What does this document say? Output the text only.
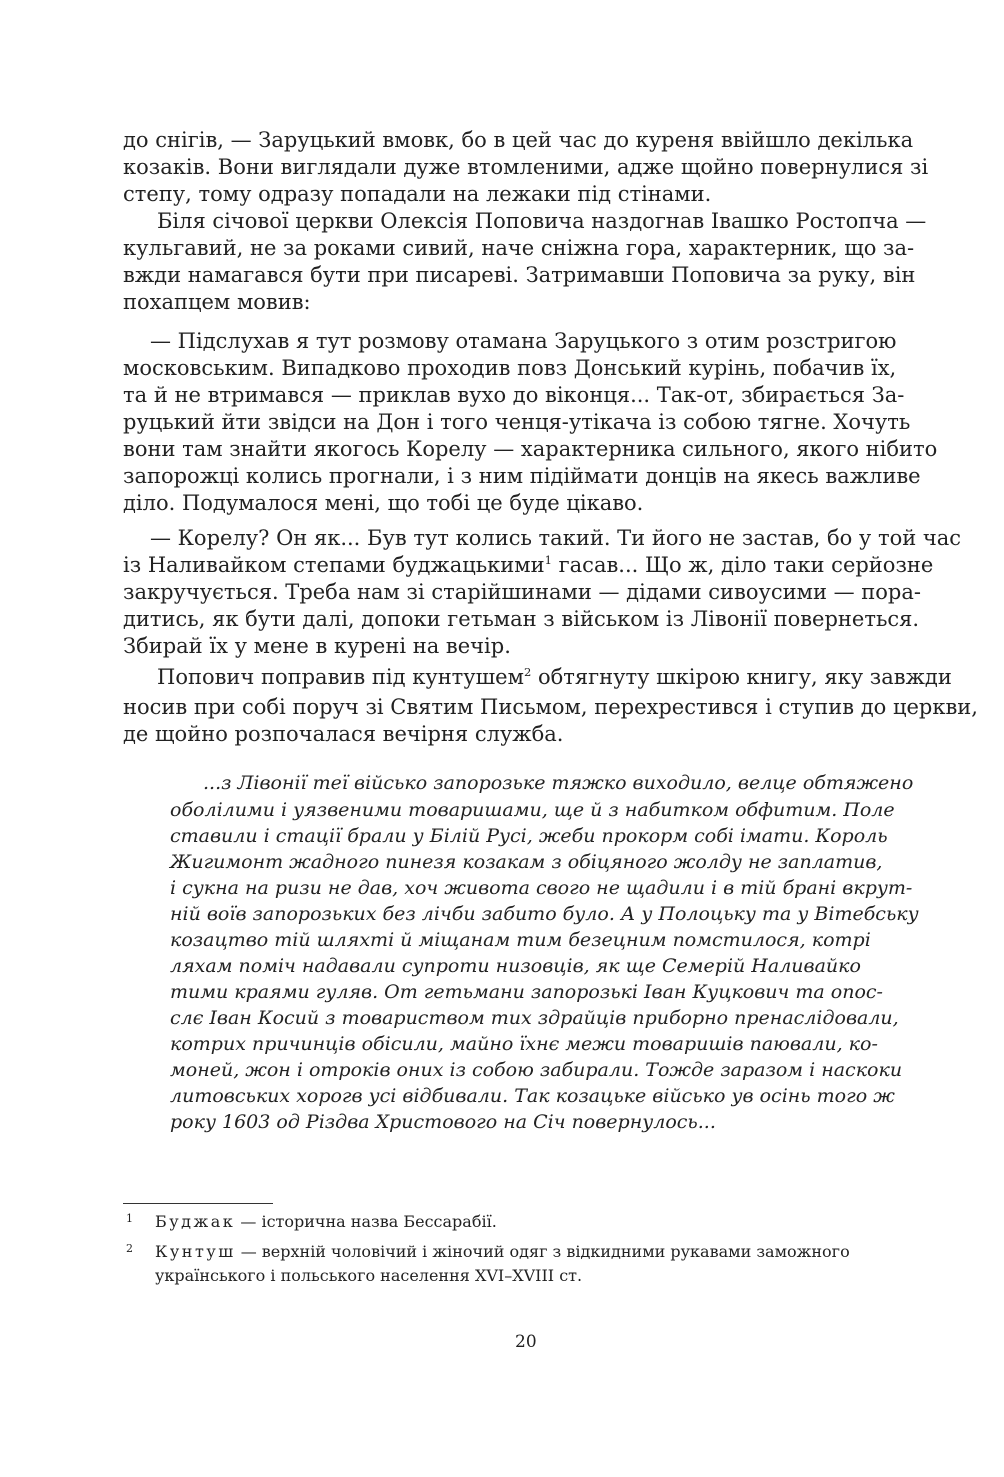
до снігів, — Заруцький вмовк, бо в цей час до куреня ввійшло декілька
козаків. Вони виглядали дуже втомленими, адже щойно повернулися зі
степу, тому одразу попадали на лежаки під стінами.
Біля січової церкви Олексія Поповича наздогнав Івашко Ростопча —
кульгавий, не за роками сивий, наче сніжна гора, характерник, що за-
вжди намагався бути при писареві. Затримавши Поповича за руку, він
похапцем мовив:
— Підслухав я тут розмову отамана Заруцького з отим розстригою
московським. Випадково проходив повз Донський курінь, побачив їх,
та й не втримався — приклав вухо до віконця... Так-от, збирається За-
руцький йти звідси на Дон і того ченця-утікача із собою тягне. Хочуть
вони там знайти якогось Корелу — характерника сильного, якого нібито
запорожці колись прогнали, і з ним підіймати донців на якесь важливе
діло. Подумалося мені, що тобі це буде цікаво.
— Корелу? Он як... Був тут колись такий. Ти його не застав, бо у той час
із Наливайком степами буджацькими$^1$ гасав... Що ж, діло таки серйозне
закручується. Треба нам зі старійшинами — дідами сивоусими — пора-
дитись, як бути далі, допоки гетьман з військом із Лівонії повернеться.
Збирай їх у мене в курені на вечір.
Попович поправив під кунтушем$^2$ обтягнуту шкірою книгу, яку завжди
носив при собі поруч зі Святим Письмом, перехрестився і ступив до церкви,
де щойно розпочалася вечірня служба.
...з Лівонії теї військо запорозьке тяжко виходило, велце обтяжено
оболілими і уязвеними товаришами, ще й з набитком обфитим. Поле
ставили і стації брали у Білій Русі, жеби прокорм собі імати. Король
Жигимонт жадного пинезя козакам з обіцяного жолду не заплатив,
і сукна на ризи не дав, хоч живота свого не щадили і в тій брані вкрут-
ній воїв запорозьких без лічби забито було. А у Полоцьку та у Вітебську
козацтво тій шляхті й міщанам тим безецним помстилося, котрі
ляхам поміч надавали супроти низовців, як ще Семерій Наливайко
тими краями гуляв. От гетьмани запорозькі Іван Куцкович та опос-
слє Іван Косий з товариством тих здрайців приборно пренаслідовали,
котрих причинців обісили, майно їхнє межи товаришів паювали, ко-
моней, жон і отроків оних із собою забирали. Тожде заразом і наскоки
литовських хорогв усі відбивали. Так козацьке військо ув осінь того ж
року 1603 од Різдва Христового на Січ повернулось...
1 Буджак — історична назва Бессарабії.
2 Кунтуш — верхній чоловічий і жіночий одяг з відкидними рукавами заможного
українського і польського населення XVI–XVIII ст.
20
